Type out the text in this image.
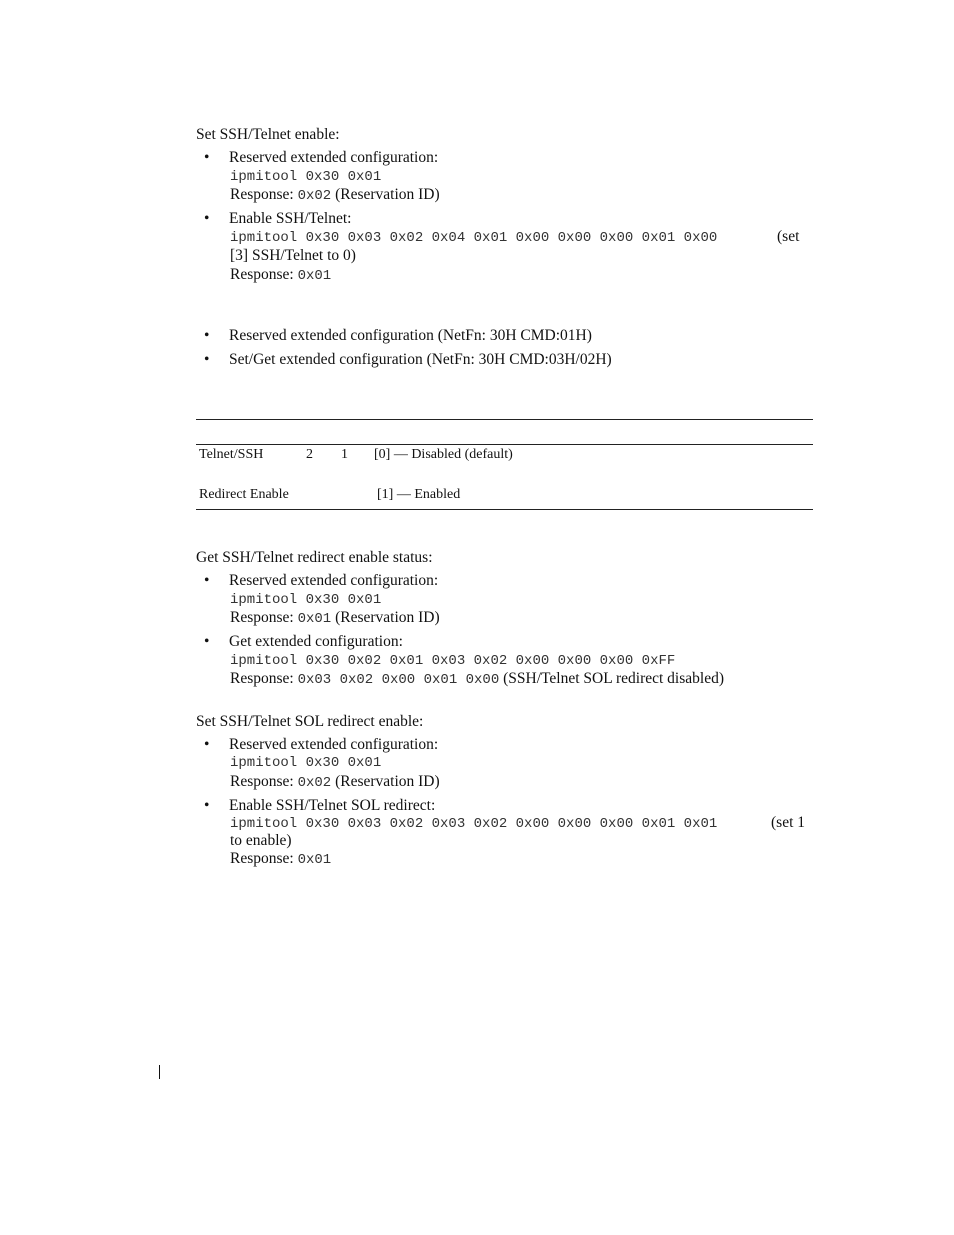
Set SSH/Telnet enable:
• Reserved extended configuration:
ipmitool 0x30 0x01
Response: 0x02 (Reservation ID)
• Enable SSH/Telnet:
ipmitool 0x30 0x03 0x02 0x04 0x01 0x00 0x00 0x00 0x01 0x00	(set
[3] SSH/Telnet to 0)
Response: 0x01
• Reserved extended configuration (NetFn: 30H CMD:01H)
• Set/Get extended configuration (NetFn: 30H CMD:03H/02H)
Telnet/SSH	2 1 [0] — Disabled (default)
Redirect Enable	[1] — Enabled
Get SSH/Telnet redirect enable status:
• Reserved extended configuration:
ipmitool 0x30 0x01
Response: 0x01 (Reservation ID)
• Get extended configuration:
ipmitool 0x30 0x02 0x01 0x03 0x02 0x00 0x00 0x00 0xFF
Response: 0x03 0x02 0x00 0x01 0x00 (SSH/Telnet SOL redirect disabled)
Set SSH/Telnet SOL redirect enable:
• Reserved extended configuration:
ipmitool 0x30 0x01
Response: 0x02 (Reservation ID)
• Enable SSH/Telnet SOL redirect:
ipmitool 0x30 0x03 0x02 0x03 0x02 0x00 0x00 0x00 0x01 0x01	(set 1
to enable)
Response: 0x01
